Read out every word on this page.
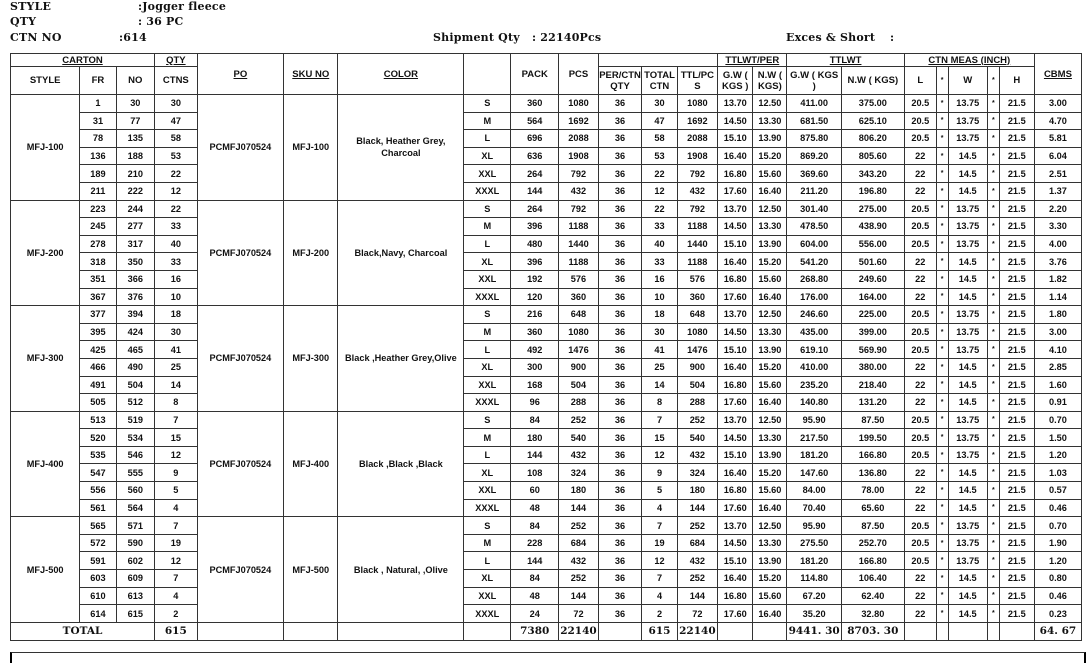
STYLE	:Jogger fleece
QTY	: 36 PC
CTN NO	:614	Shipment Qty : 22140Pcs	Exces & Short :
CARTON			QTY	PO	SKU NO	COLOR		PACK	PCS				TTLWT/PER		TTLWT		CTN MEAS (INCH)					CBMS
STYLE	FR	NO	CTNS							PER/CTN QTY	TOTAL CTN	TTL/PCS	G.W ( KGS )	N.W ( KGS)	G.W ( KGS )	N.W ( KGS)	L	*	W	*	H	
MFJ-100	1	30	30	PCMFJ070524	MFJ-100	Black, Heather Grey, Charcoal	S	360	1080	36	30	1080	13.70	12.50	411.00	375.00	20.5	*	13.75	*	21.5	3.00
	31	77	47				M	564	1692	36	47	1692	14.50	13.30	681.50	625.10	20.5	*	13.75	*	21.5	4.70
	78	135	58				L	696	2088	36	58	2088	15.10	13.90	875.80	806.20	20.5	*	13.75	*	21.5	5.81
	136	188	53				XL	636	1908	36	53	1908	16.40	15.20	869.20	805.60	22	*	14.5	*	21.5	6.04
	189	210	22				XXL	264	792	36	22	792	16.80	15.60	369.60	343.20	22	*	14.5	*	21.5	2.51
	211	222	12				XXXL	144	432	36	12	432	17.60	16.40	211.20	196.80	22	*	14.5	*	21.5	1.37
MFJ-200	223	244	22	PCMFJ070524	MFJ-200	Black,Navy, Charcoal	S	264	792	36	22	792	13.70	12.50	301.40	275.00	20.5	*	13.75	*	21.5	2.20
	245	277	33				M	396	1188	36	33	1188	14.50	13.30	478.50	438.90	20.5	*	13.75	*	21.5	3.30
	278	317	40				L	480	1440	36	40	1440	15.10	13.90	604.00	556.00	20.5	*	13.75	*	21.5	4.00
	318	350	33				XL	396	1188	36	33	1188	16.40	15.20	541.20	501.60	22	*	14.5	*	21.5	3.76
	351	366	16				XXL	192	576	36	16	576	16.80	15.60	268.80	249.60	22	*	14.5	*	21.5	1.82
	367	376	10				XXXL	120	360	36	10	360	17.60	16.40	176.00	164.00	22	*	14.5	*	21.5	1.14
MFJ-300	377	394	18	PCMFJ070524	MFJ-300	Black ,Heather Grey,Olive	S	216	648	36	18	648	13.70	12.50	246.60	225.00	20.5	*	13.75	*	21.5	1.80
	395	424	30				M	360	1080	36	30	1080	14.50	13.30	435.00	399.00	20.5	*	13.75	*	21.5	3.00
	425	465	41				L	492	1476	36	41	1476	15.10	13.90	619.10	569.90	20.5	*	13.75	*	21.5	4.10
	466	490	25				XL	300	900	36	25	900	16.40	15.20	410.00	380.00	22	*	14.5	*	21.5	2.85
	491	504	14				XXL	168	504	36	14	504	16.80	15.60	235.20	218.40	22	*	14.5	*	21.5	1.60
	505	512	8				XXXL	96	288	36	8	288	17.60	16.40	140.80	131.20	22	*	14.5	*	21.5	0.91
MFJ-400	513	519	7	PCMFJ070524	MFJ-400	Black ,Black ,Black	S	84	252	36	7	252	13.70	12.50	95.90	87.50	20.5	*	13.75	*	21.5	0.70
	520	534	15				M	180	540	36	15	540	14.50	13.30	217.50	199.50	20.5	*	13.75	*	21.5	1.50
	535	546	12				L	144	432	36	12	432	15.10	13.90	181.20	166.80	20.5	*	13.75	*	21.5	1.20
	547	555	9				XL	108	324	36	9	324	16.40	15.20	147.60	136.80	22	*	14.5	*	21.5	1.03
	556	560	5				XXL	60	180	36	5	180	16.80	15.60	84.00	78.00	22	*	14.5	*	21.5	0.57
	561	564	4				XXXL	48	144	36	4	144	17.60	16.40	70.40	65.60	22	*	14.5	*	21.5	0.46
MFJ-500	565	571	7	PCMFJ070524	MFJ-500	Black , Natural, ,Olive	S	84	252	36	7	252	13.70	12.50	95.90	87.50	20.5	*	13.75	*	21.5	0.70
	572	590	19				M	228	684	36	19	684	14.50	13.30	275.50	252.70	20.5	*	13.75	*	21.5	1.90
	591	602	12				L	144	432	36	12	432	15.10	13.90	181.20	166.80	20.5	*	13.75	*	21.5	1.20
	603	609	7				XL	84	252	36	7	252	16.40	15.20	114.80	106.40	22	*	14.5	*	21.5	0.80
	610	613	4				XXL	48	144	36	4	144	16.80	15.60	67.20	62.40	22	*	14.5	*	21.5	0.46
	614	615	2				XXXL	24	72	36	2	72	17.60	16.40	35.20	32.80	22	*	14.5	*	21.5	0.23
TOTAL			615					7380	22140		615	22140			9441. 30	8703. 30						64. 67
